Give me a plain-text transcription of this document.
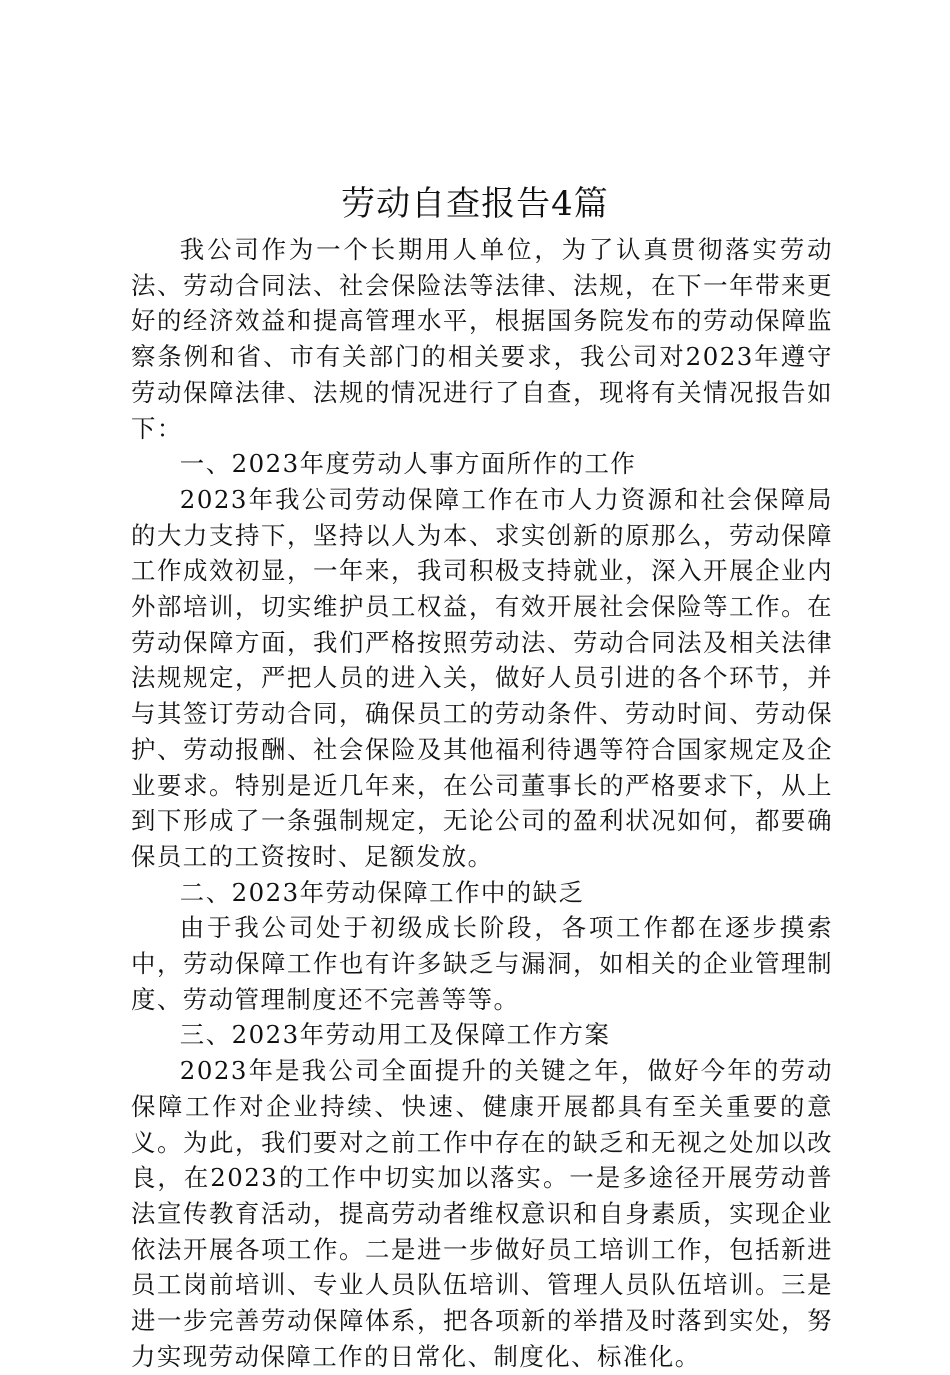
劳动自查报告4篇

我公司作为一个长期用人单位，为了认真贯彻落实劳动法、劳动合同法、社会保险法等法律、法规，在下一年带来更好的经济效益和提高管理水平，根据国务院发布的劳动保障监察条例和省、市有关部门的相关要求，我公司对2023年遵守劳动保障法律、法规的情况进行了自查，现将有关情况报告如下：

一、2023年度劳动人事方面所作的工作

2023年我公司劳动保障工作在市人力资源和社会保障局的大力支持下，坚持以人为本、求实创新的原那么，劳动保障工作成效初显，一年来，我司积极支持就业，深入开展企业内外部培训，切实维护员工权益，有效开展社会保险等工作。在劳动保障方面，我们严格按照劳动法、劳动合同法及相关法律法规规定，严把人员的进入关，做好人员引进的各个环节，并与其签订劳动合同，确保员工的劳动条件、劳动时间、劳动保护、劳动报酬、社会保险及其他福利待遇等符合国家规定及企业要求。特别是近几年来，在公司董事长的严格要求下，从上到下形成了一条强制规定，无论公司的盈利状况如何，都要确保员工的工资按时、足额发放。

二、2023年劳动保障工作中的缺乏

由于我公司处于初级成长阶段，各项工作都在逐步摸索中，劳动保障工作也有许多缺乏与漏洞，如相关的企业管理制度、劳动管理制度还不完善等等。

三、2023年劳动用工及保障工作方案

2023年是我公司全面提升的关键之年，做好今年的劳动保障工作对企业持续、快速、健康开展都具有至关重要的意义。为此，我们要对之前工作中存在的缺乏和无视之处加以改良，在2023的工作中切实加以落实。一是多途径开展劳动普法宣传教育活动，提高劳动者维权意识和自身素质，实现企业依法开展各项工作。二是进一步做好员工培训工作，包括新进员工岗前培训、专业人员队伍培训、管理人员队伍培训。三是进一步完善劳动保障体系，把各项新的举措及时落到实处，努力实现劳动保障工作的日常化、制度化、标准化。
